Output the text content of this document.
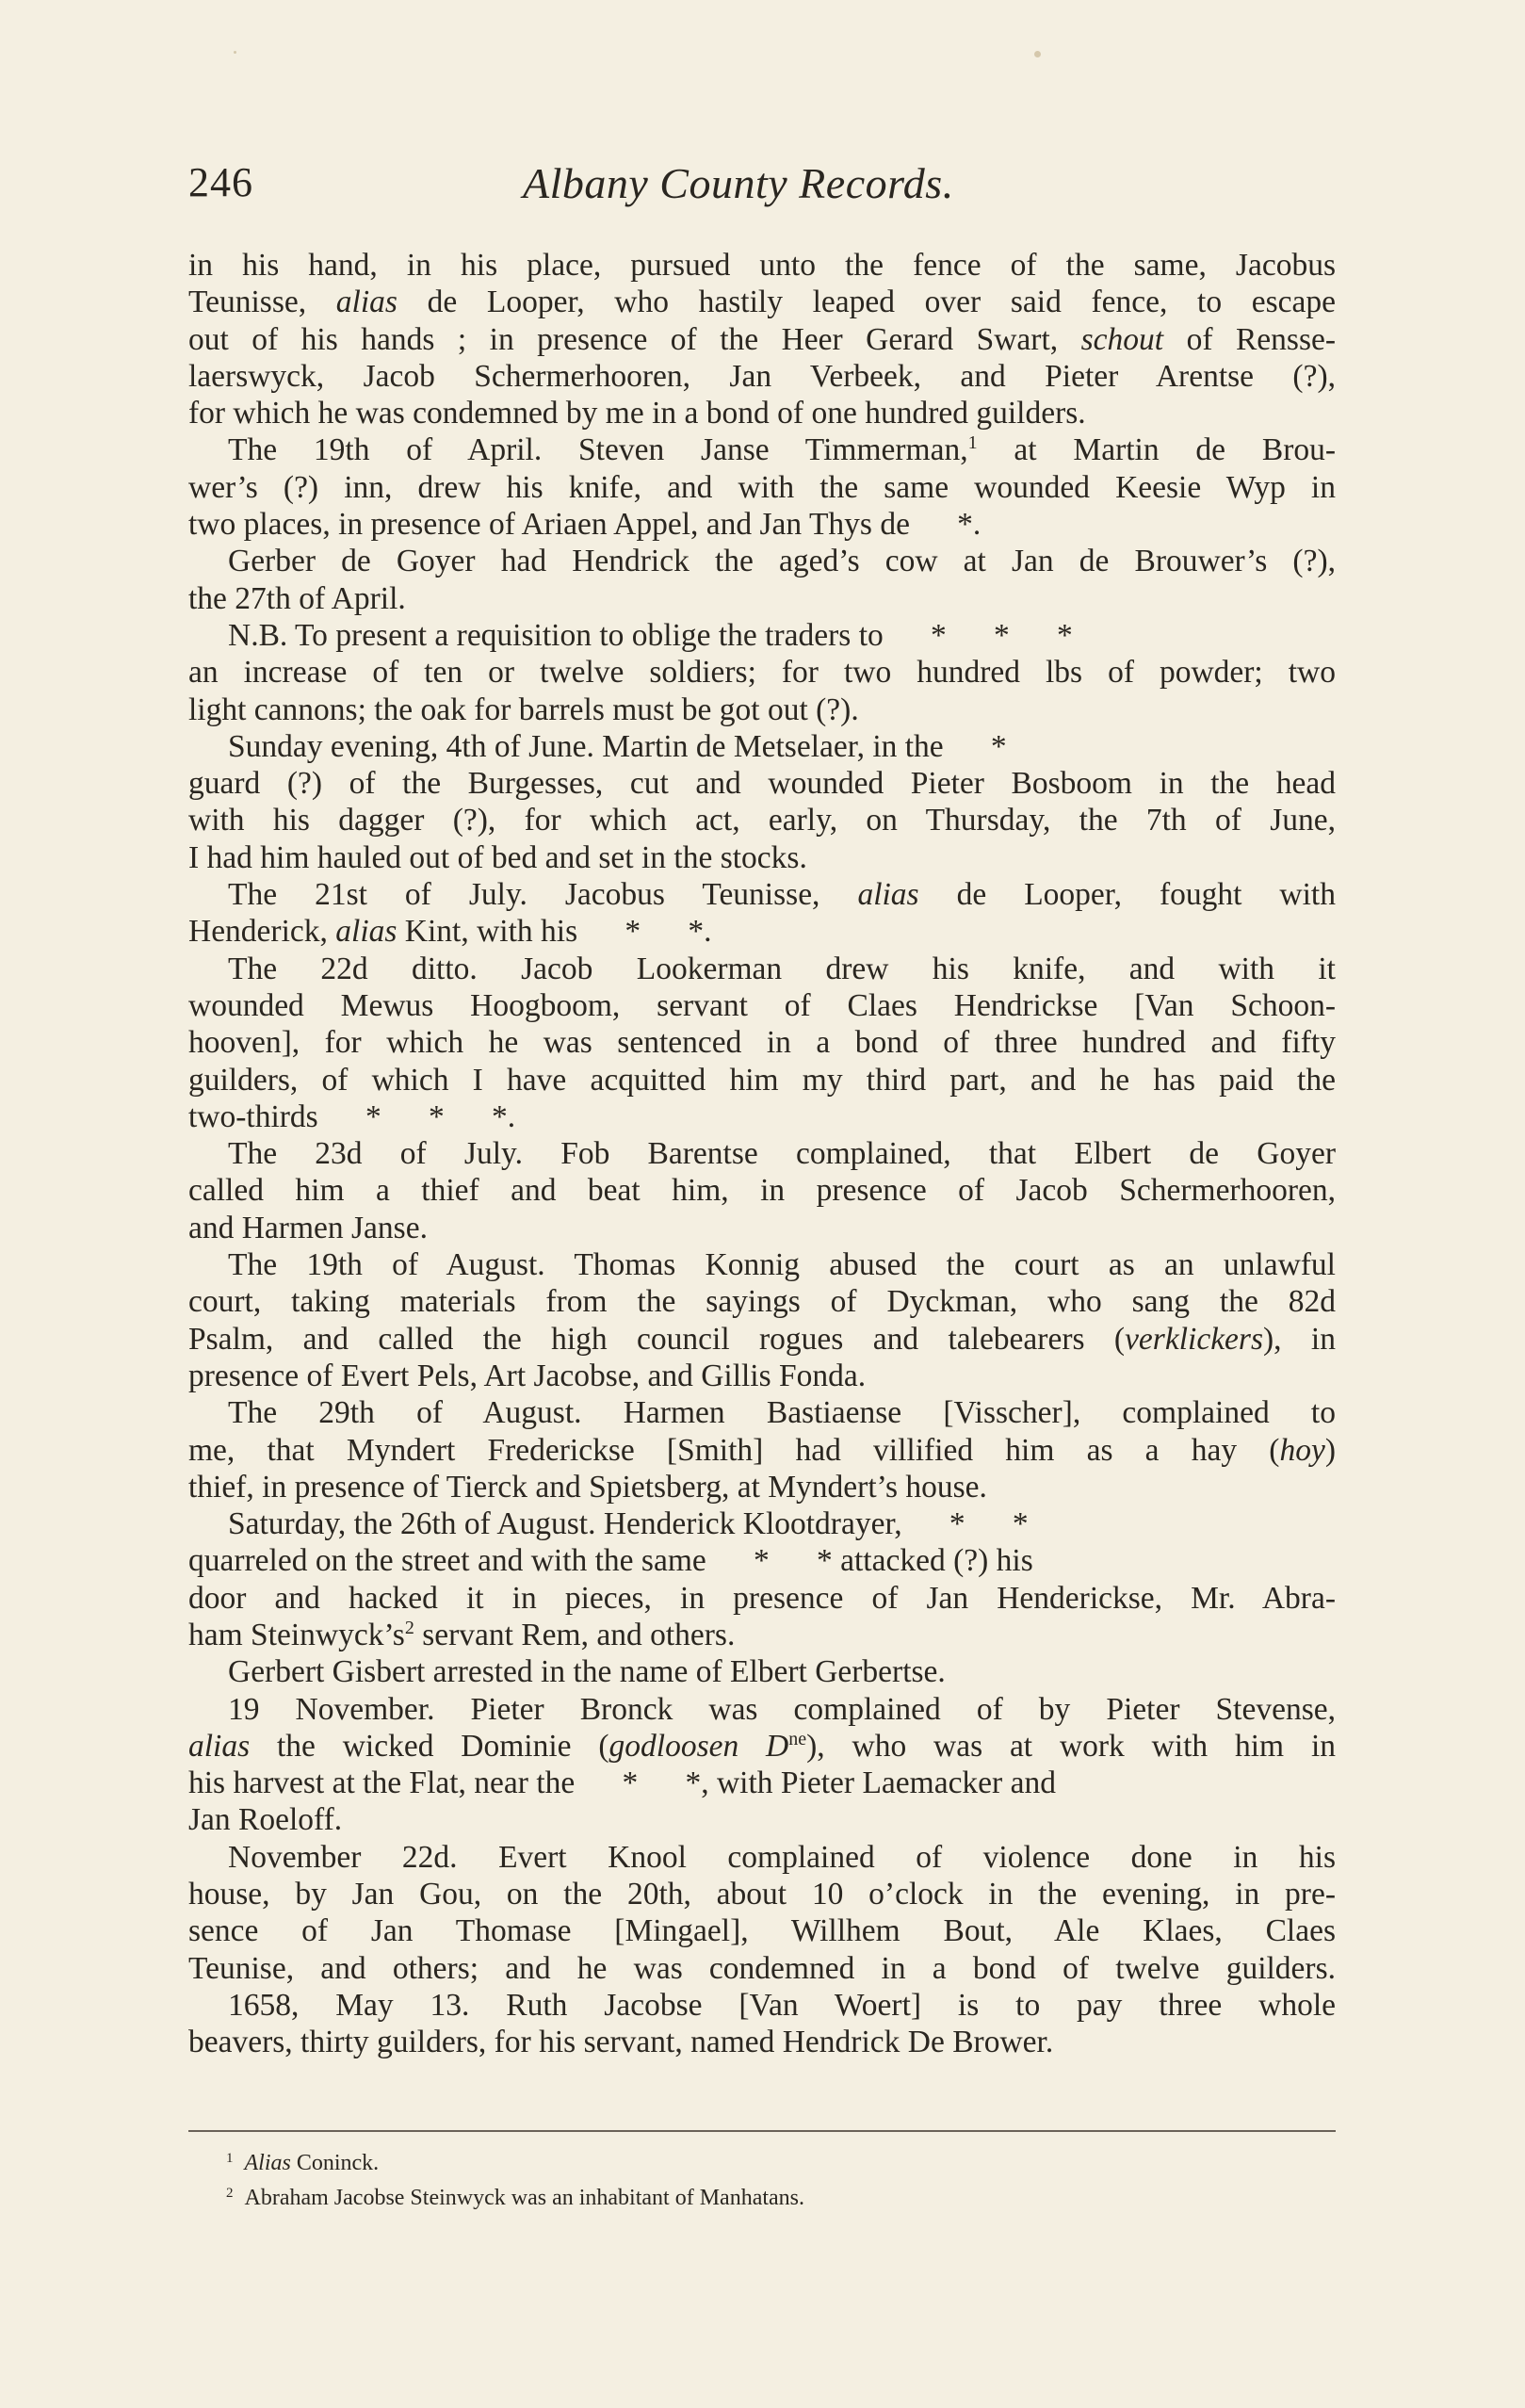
246	Albany County Records.
in his hand, in his place, pursued unto the fence of the same, Jacobus
Teunisse, alias de Looper, who hastily leaped over said fence, to escape
out of his hands ; in presence of the Heer Gerard Swart, schout of Rensse-
laerswyck, Jacob Schermerhooren, Jan Verbeek, and Pieter Arentse (?),
for which he was condemned by me in a bond of one hundred guilders.
The 19th of April. Steven Janse Timmerman,$^1$ at Martin de Brou-
wer’s (?) inn, drew his knife, and with the same wounded Keesie Wyp in
two places, in presence of Ariaen Appel, and Jan Thys de      *.
Gerber de Goyer had Hendrick the aged’s cow at Jan de Brouwer’s (?),
the 27th of April.
N.B. To present a requisition to oblige the traders to      *      *      *
an increase of ten or twelve soldiers; for two hundred lbs of powder; two
light cannons; the oak for barrels must be got out (?).
Sunday evening, 4th of June. Martin de Metselaer, in the      *
guard (?) of the Burgesses, cut and wounded Pieter Bosboom in the head
with his dagger (?), for which act, early, on Thursday, the 7th of June,
I had him hauled out of bed and set in the stocks.
The 21st of July. Jacobus Teunisse, alias de Looper, fought with
Henderick, alias Kint, with his      *      *.
The 22d ditto. Jacob Lookerman drew his knife, and with it
wounded Mewus Hoogboom, servant of Claes Hendrickse [Van Schoon-
hooven], for which he was sentenced in a bond of three hundred and fifty
guilders, of which I have acquitted him my third part, and he has paid the
two-thirds      *      *      *.
The 23d of July. Fob Barentse complained, that Elbert de Goyer
called him a thief and beat him, in presence of Jacob Schermerhooren,
and Harmen Janse.
The 19th of August. Thomas Konnig abused the court as an unlawful
court, taking materials from the sayings of Dyckman, who sang the 82d
Psalm, and called the high council rogues and talebearers (verklickers), in
presence of Evert Pels, Art Jacobse, and Gillis Fonda.
The 29th of August. Harmen Bastiaense [Visscher], complained to
me, that Myndert Frederickse [Smith] had villified him as a hay (hoy)
thief, in presence of Tierck and Spietsberg, at Myndert’s house.
Saturday, the 26th of August. Henderick Klootdrayer,      *      *
quarreled on the street and with the same      *      * attacked (?) his
door and hacked it in pieces, in presence of Jan Henderickse, Mr. Abra-
ham $Steinwyck’s^2$ servant Rem, and others.
Gerbert Gisbert arrested in the name of Elbert Gerbertse.
19 November. Pieter Bronck was complained of by Pieter Stevense,
alias the wicked Dominie (godloosen $D^{ne}$), who was at work with him in
his harvest at the Flat, near the      *      *, with Pieter Laemacker and
Jan Roeloff.
November 22d. Evert Knool complained of violence done in his
house, by Jan Gou, on the 20th, about 10 o’clock in the evening, in pre-
sence of Jan Thomase [Mingael], Willhem Bout, Ale Klaes, Claes
Teunise, and others; and he was condemned in a bond of twelve guilders.
1658, May 13. Ruth Jacobse [Van Woert] is to pay three whole
beavers, thirty guilders, for his servant, named Hendrick De Brower.
$^1$ Alias Coninck.
$^2$ Abraham Jacobse Steinwyck was an inhabitant of Manhatans.
